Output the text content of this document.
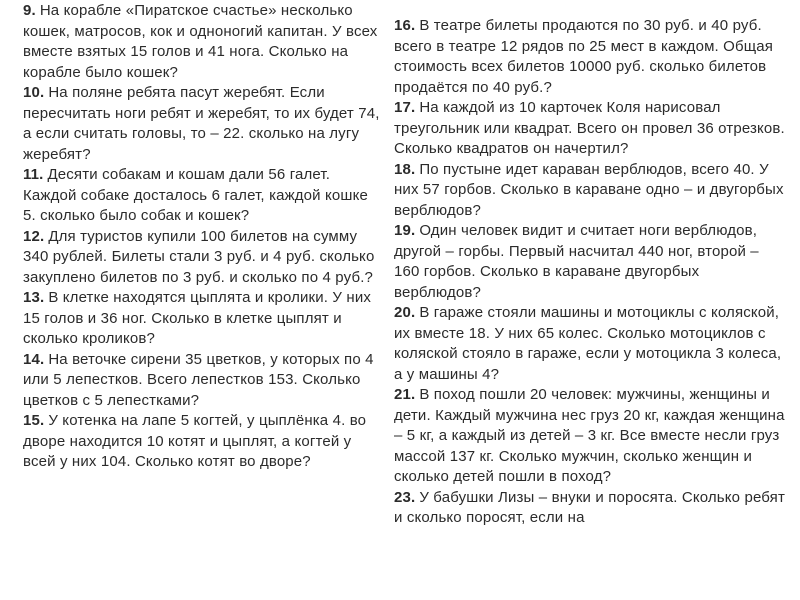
9. На корабле «Пиратское счастье» несколько кошек, матросов, кок и одноногий капитан. У всех вместе взятых 15 голов и 41 нога. Сколько на корабле было кошек?

10. На поляне ребята пасут жеребят. Если пересчитать ноги ребят и жеребят, то их будет 74, а если считать головы, то – 22. сколько на лугу жеребят?

11. Десяти собакам и кошам дали 56 галет. Каждой собаке досталось 6 галет, каждой кошке 5. сколько было собак и кошек?

12. Для туристов купили 100 билетов на сумму 340 рублей. Билеты стали 3 руб. и 4 руб. сколько закуплено билетов по 3 руб. и сколько по 4 руб.?

13. В клетке находятся цыплята и кролики. У них 15 голов и 36 ног. Сколько в клетке цыплят и сколько кроликов?

14. На веточке сирени 35 цветков, у которых по 4 или 5 лепестков. Всего лепестков 153. Сколько цветков с 5 лепестками?

15. У котенка на лапе 5 когтей, у цыплёнка 4. во дворе находится 10 котят и цыплят, а когтей у всей у них 104. Сколько котят во дворе?

16. В театре билеты продаются по 30 руб. и 40 руб. всего в театре 12 рядов по 25 мест в каждом. Общая стоимость всех билетов 10000 руб. сколько билетов продаётся по 40 руб.?

17. На каждой из 10 карточек Коля нарисовал треугольник или квадрат. Всего он провел 36 отрезков. Сколько квадратов он начертил?

18. По пустыне идет караван верблюдов, всего 40. У них 57 горбов. Сколько в караване одно – и двугорбых верблюдов?

19. Один человек видит и считает ноги верблюдов, другой – горбы. Первый насчитал 440 ног, второй – 160 горбов. Сколько в караване двугорбых верблюдов?

20. В гараже стояли машины и мотоциклы с коляской, их вместе 18. У них 65 колес. Сколько мотоциклов с коляской стояло в гараже, если у мотоцикла 3 колеса, а у машины 4?

21. В поход пошли 20 человек: мужчины, женщины и дети. Каждый мужчина нес груз 20 кг, каждая женщина – 5 кг, а каждый из детей – 3 кг. Все вместе несли груз массой 137 кг. Сколько мужчин, сколько женщин и сколько детей пошли в поход?

23. У бабушки Лизы – внуки и поросята. Сколько ребят и сколько поросят, если на
